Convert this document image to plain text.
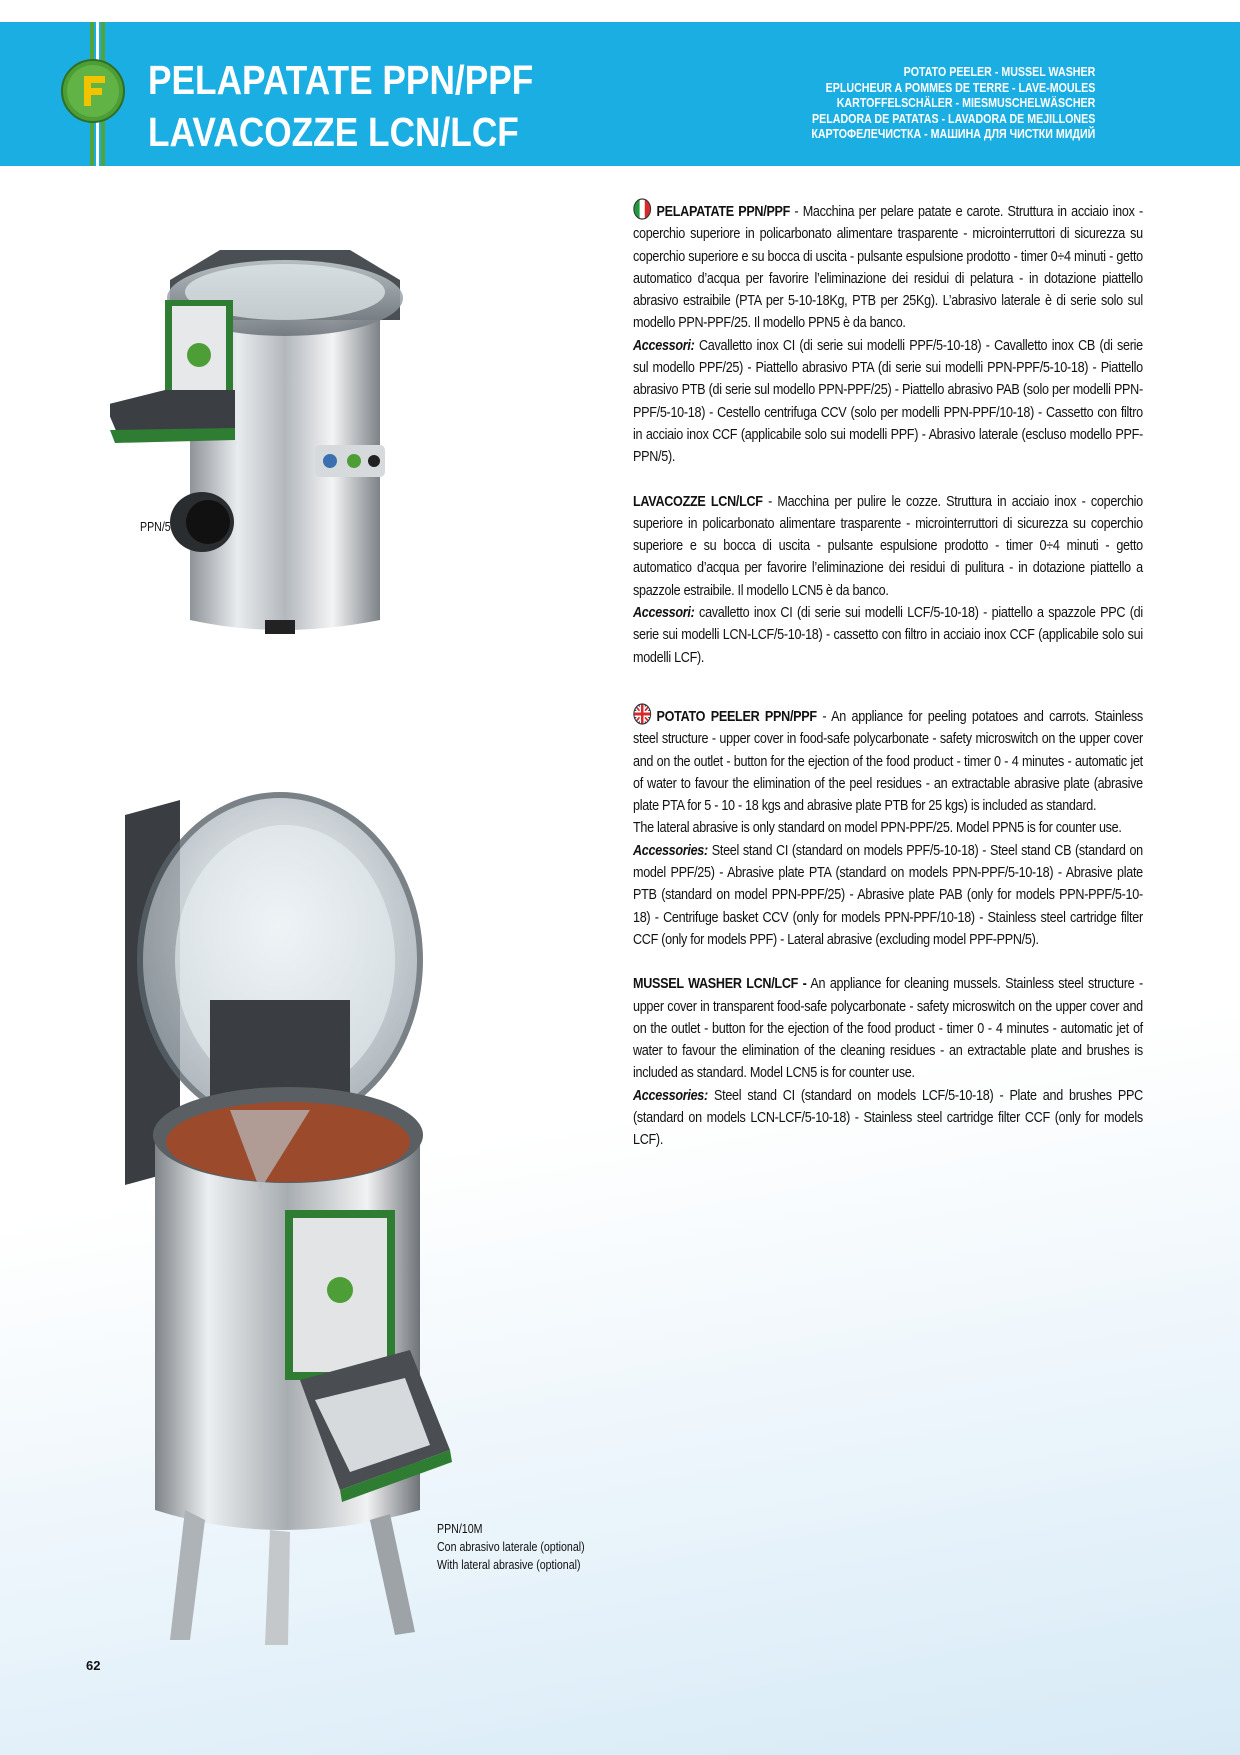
PELAPATATE PPN/PPF
LAVACOZZE LCN/LCF
POTATO PEELER - MUSSEL WASHER
EPLUCHEUR A POMMES DE TERRE - LAVE-MOULES
KARTOFFELSCHÄLER - MIESMUSCHELWÄSCHER
PELADORA DE PATATAS - LAVADORA DE MEJILLONES
КАРТОФЕЛЕЧИСТКА - МАШИНА ДЛЯ ЧИСТКИ МИДИЙ
PPN/5
PPN/10M
Con abrasivo laterale (optional)
With lateral abrasive (optional)

PELAPATATE PPN/PPF - Macchina per pelare patate e carote. Struttura in acciaio inox - coperchio superiore in policarbonato alimentare trasparente - microinterruttori di sicurezza su coperchio superiore e su bocca di uscita - pulsante espulsione prodotto - timer 0÷4 minuti - getto automatico d’acqua per favorire l’eliminazione dei residui di pelatura - in dotazione piattello abrasivo estraibile (PTA per 5-10-18Kg, PTB per 25Kg). L’abrasivo laterale è di serie solo sul modello PPN-PPF/25. Il modello PPN5 è da banco.

Accessori: Cavalletto inox CI (di serie sui modelli PPF/5-10-18) - Cavalletto inox CB (di serie sul modello PPF/25) - Piattello abrasivo PTA (di serie sui modelli PPN-PPF/5-10-18) - Piattello abrasivo PTB (di serie sul modello PPN-PPF/25) - Piattello abrasivo PAB (solo per modelli PPN-PPF/5-10-18) - Cestello centrifuga CCV (solo per modelli PPN-PPF/10-18) - Cassetto con filtro in acciaio inox CCF (applicabile solo sui modelli PPF) - Abrasivo laterale (escluso modello PPF-PPN/5).

LAVACOZZE LCN/LCF - Macchina per pulire le cozze. Struttura in acciaio inox - coperchio superiore in policarbonato alimentare trasparente - microinterruttori di sicurezza su coperchio superiore e su bocca di uscita - pulsante espulsione prodotto - timer 0÷4 minuti - getto automatico d’acqua per favorire l’eliminazione dei residui di pulitura - in dotazione piattello a spazzole estraibile. Il modello LCN5 è da banco.

Accessori: cavalletto inox CI (di serie sui modelli LCF/5-10-18) - piattello a spazzole PPC (di serie sui modelli LCN-LCF/5-10-18) - cassetto con filtro in acciaio inox CCF (applicabile solo sui modelli LCF).

POTATO PEELER PPN/PPF - An appliance for peeling potatoes and carrots. Stainless steel structure - upper cover in food-safe polycarbonate - safety microswitch on the upper cover and on the outlet - button for the ejection of the food product - timer 0 - 4 minutes - automatic jet of water to favour the elimination of the peel residues - an extractable abrasive plate (abrasive plate PTA for 5 - 10 - 18 kgs and abrasive plate PTB for 25 kgs) is included as standard.

The lateral abrasive is only standard on model PPN-PPF/25. Model PPN5 is for counter use.

Accessories: Steel stand CI (standard on models PPF/5-10-18) - Steel stand CB (standard on model PPF/25) - Abrasive plate PTA (standard on models PPN-PPF/5-10-18) - Abrasive plate PTB (standard on model PPN-PPF/25) - Abrasive plate PAB (only for models PPN-PPF/5-10-18) - Centrifuge basket CCV (only for models PPN-PPF/10-18) - Stainless steel cartridge filter CCF (only for models PPF) - Lateral abrasive (excluding model PPF-PPN/5).

MUSSEL WASHER LCN/LCF - An appliance for cleaning mussels. Stainless steel structure - upper cover in transparent food-safe polycarbonate - safety microswitch on the upper cover and on the outlet - button for the ejection of the food product - timer 0 - 4 minutes - automatic jet of water to favour the elimination of the cleaning residues - an extractable plate and brushes is included as standard. Model LCN5 is for counter use.

Accessories: Steel stand CI (standard on models LCF/5-10-18) - Plate and brushes PPC (standard on models LCN-LCF/5-10-18) - Stainless steel cartridge filter CCF (only for models LCF).

62
